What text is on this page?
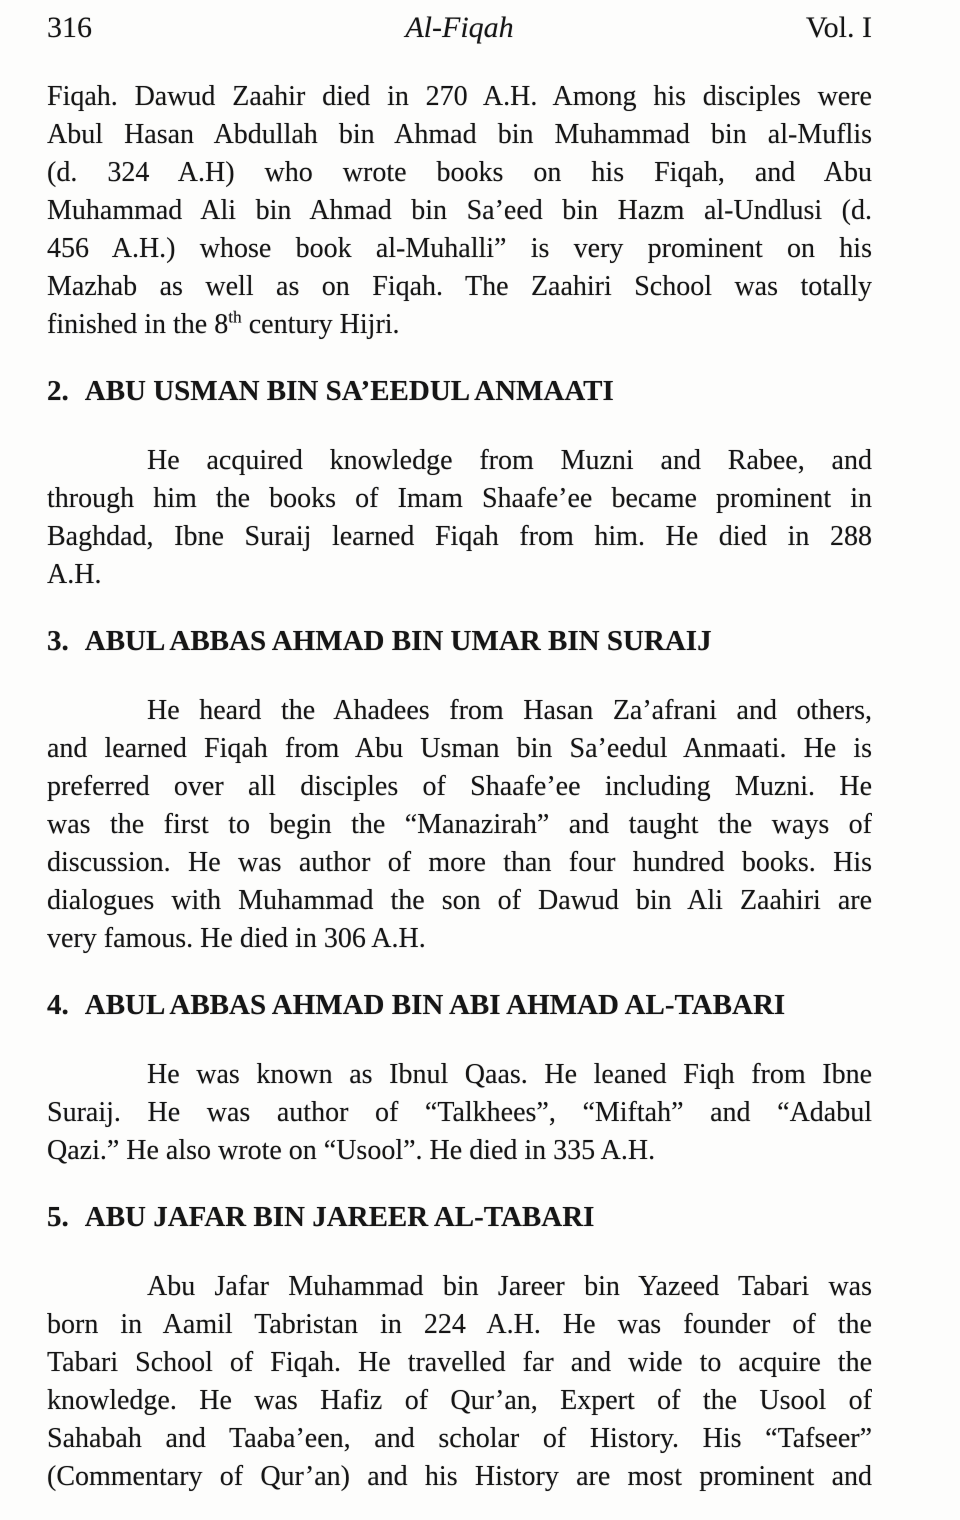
316	Al-Fiqah	Vol. I
Fiqah. Dawud Zaahir died in 270 A.H. Among his disciples were
Abul Hasan Abdullah bin Ahmad bin Muhammad bin al-Muflis
(d. 324 A.H) who wrote books on his Fiqah, and Abu
Muhammad Ali bin Ahmad bin Sa’eed bin Hazm al-Undlusi (d.
456 A.H.) whose book al-Muhalli” is very prominent on his
Mazhab as well as on Fiqah. The Zaahiri School was totally
finished in the 8th century Hijri.
2. ABU USMAN BIN SA’EEDUL ANMAATI
He acquired knowledge from Muzni and Rabee, and
through him the books of Imam Shaafe’ee became prominent in
Baghdad, Ibne Suraij learned Fiqah from him. He died in 288
A.H.
3. ABUL ABBAS AHMAD BIN UMAR BIN SURAIJ
He heard the Ahadees from Hasan Za’afrani and others,
and learned Fiqah from Abu Usman bin Sa’eedul Anmaati. He is
preferred over all disciples of Shaafe’ee including Muzni. He
was the first to begin the “Manazirah” and taught the ways of
discussion. He was author of more than four hundred books. His
dialogues with Muhammad the son of Dawud bin Ali Zaahiri are
very famous. He died in 306 A.H.
4. ABUL ABBAS AHMAD BIN ABI AHMAD AL-TABARI
He was known as Ibnul Qaas. He leaned Fiqh from Ibne
Suraij. He was author of “Talkhees”, “Miftah” and “Adabul
Qazi.” He also wrote on “Usool”. He died in 335 A.H.
5. ABU JAFAR BIN JAREER AL-TABARI
Abu Jafar Muhammad bin Jareer bin Yazeed Tabari was
born in Aamil Tabristan in 224 A.H. He was founder of the
Tabari School of Fiqah. He travelled far and wide to acquire the
knowledge. He was Hafiz of Qur’an, Expert of the Usool of
Sahabah and Taaba’een, and scholar of History. His “Tafseer”
(Commentary of Qur’an) and his History are most prominent and
